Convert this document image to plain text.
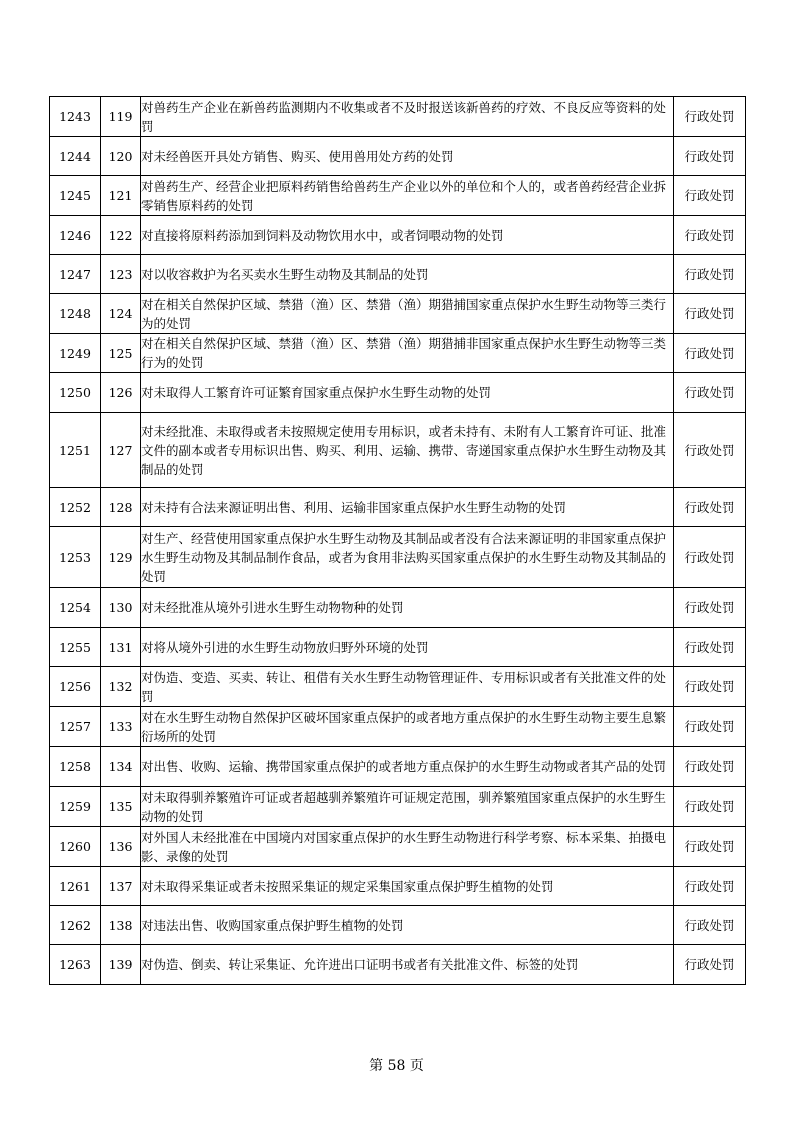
1243	119	对兽药生产企业在新兽药监测期内不收集或者不及时报送该新兽药的疗效、不良反应等资料的处罚	行政处罚
1244	120	对未经兽医开具处方销售、购买、使用兽用处方药的处罚	行政处罚
1245	121	对兽药生产、经营企业把原料药销售给兽药生产企业以外的单位和个人的，或者兽药经营企业拆零销售原料药的处罚	行政处罚
1246	122	对直接将原料药添加到饲料及动物饮用水中，或者饲喂动物的处罚	行政处罚
1247	123	对以收容救护为名买卖水生野生动物及其制品的处罚	行政处罚
1248	124	对在相关自然保护区域、禁猎（渔）区、禁猎（渔）期猎捕国家重点保护水生野生动物等三类行为的处罚	行政处罚
1249	125	对在相关自然保护区域、禁猎（渔）区、禁猎（渔）期猎捕非国家重点保护水生野生动物等三类行为的处罚	行政处罚
1250	126	对未取得人工繁育许可证繁育国家重点保护水生野生动物的处罚	行政处罚
1251	127	对未经批准、未取得或者未按照规定使用专用标识，或者未持有、未附有人工繁育许可证、批准文件的副本或者专用标识出售、购买、利用、运输、携带、寄递国家重点保护水生野生动物及其制品的处罚	行政处罚
1252	128	对未持有合法来源证明出售、利用、运输非国家重点保护水生野生动物的处罚	行政处罚
1253	129	对生产、经营使用国家重点保护水生野生动物及其制品或者没有合法来源证明的非国家重点保护水生野生动物及其制品制作食品，或者为食用非法购买国家重点保护的水生野生动物及其制品的处罚	行政处罚
1254	130	对未经批准从境外引进水生野生动物物种的处罚	行政处罚
1255	131	对将从境外引进的水生野生动物放归野外环境的处罚	行政处罚
1256	132	对伪造、变造、买卖、转让、租借有关水生野生动物管理证件、专用标识或者有关批准文件的处罚	行政处罚
1257	133	对在水生野生动物自然保护区破坏国家重点保护的或者地方重点保护的水生野生动物主要生息繁衍场所的处罚	行政处罚
1258	134	对出售、收购、运输、携带国家重点保护的或者地方重点保护的水生野生动物或者其产品的处罚	行政处罚
1259	135	对未取得驯养繁殖许可证或者超越驯养繁殖许可证规定范围，驯养繁殖国家重点保护的水生野生动物的处罚	行政处罚
1260	136	对外国人未经批准在中国境内对国家重点保护的水生野生动物进行科学考察、标本采集、拍摄电影、录像的处罚	行政处罚
1261	137	对未取得采集证或者未按照采集证的规定采集国家重点保护野生植物的处罚	行政处罚
1262	138	对违法出售、收购国家重点保护野生植物的处罚	行政处罚
1263	139	对伪造、倒卖、转让采集证、允许进出口证明书或者有关批准文件、标签的处罚	行政处罚
第 58 页
